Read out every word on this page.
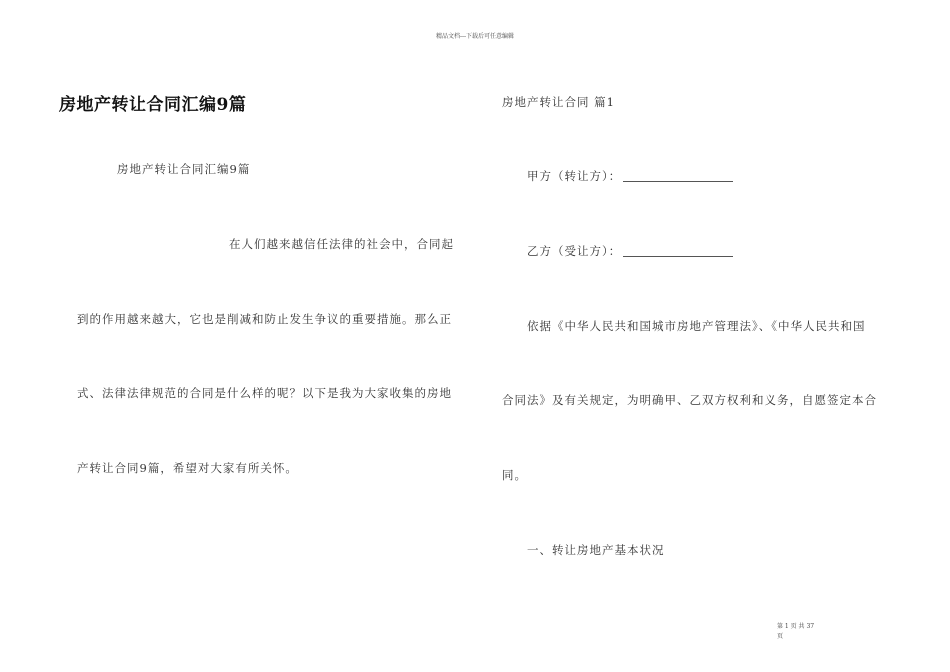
精品文档---下载后可任意编辑
房地产转让合同汇编9篇
房地产转让合同汇编9篇
在人们越来越信任法律的社会中，合同起
到的作用越来越大，它也是削减和防止发生争议的重要措施。那么正
式、法律法律规范的合同是什么样的呢？以下是我为大家收集的房地
产转让合同9篇，希望对大家有所关怀。
房地产转让合同 篇1
甲方（转让方）：
乙方（受让方）：
依据《中华人民共和国城市房地产管理法》、《中华人民共和国
合同法》及有关规定，为明确甲、乙双方权利和义务，自愿签定本合
同。
一、转让房地产基本状况
第 1 页 共 37
页
